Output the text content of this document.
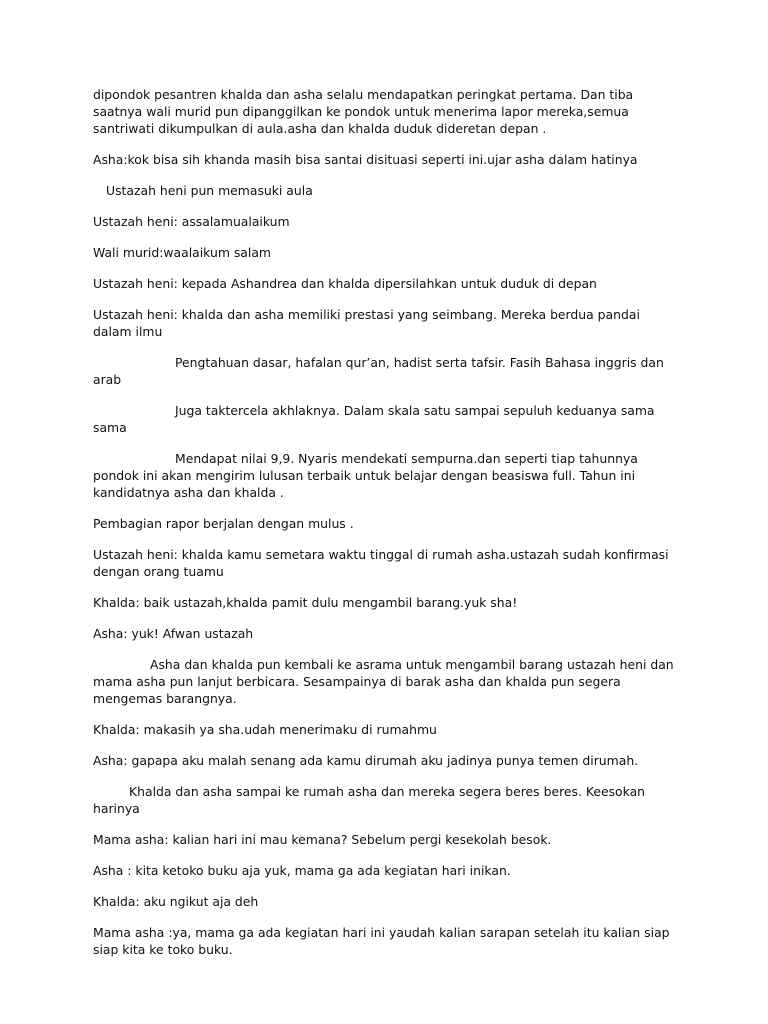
dipondok pesantren khalda dan asha selalu mendapatkan peringkat pertama. Dan tiba saatnya wali murid pun dipanggilkan ke pondok untuk menerima lapor mereka,semua santriwati dikumpulkan di aula.asha dan khalda duduk dideretan depan .

Asha:kok bisa sih khanda masih bisa santai disituasi seperti ini.ujar asha dalam hatinya

Ustazah heni pun memasuki aula

Ustazah heni: assalamualaikum

Wali murid:waalaikum salam

Ustazah heni: kepada Ashandrea dan khalda dipersilahkan untuk duduk di depan

Ustazah heni: khalda dan asha memiliki prestasi yang seimbang. Mereka berdua pandai dalam ilmu

Pengtahuan dasar, hafalan qur’an, hadist serta tafsir. Fasih Bahasa inggris dan arab

Juga taktercela akhlaknya. Dalam skala satu sampai sepuluh keduanya sama sama

Mendapat nilai 9,9. Nyaris mendekati sempurna.dan seperti tiap tahunnya pondok ini akan mengirim lulusan terbaik untuk belajar dengan beasiswa full. Tahun ini kandidatnya asha dan khalda .

Pembagian rapor berjalan dengan mulus .

Ustazah heni: khalda kamu semetara waktu tinggal di rumah asha.ustazah sudah konfirmasi dengan orang tuamu

Khalda: baik ustazah,khalda pamit dulu mengambil barang.yuk sha!

Asha: yuk! Afwan ustazah

Asha dan khalda pun kembali ke asrama untuk mengambil barang ustazah heni dan mama asha pun lanjut berbicara. Sesampainya di barak asha dan khalda pun segera mengemas barangnya.

Khalda: makasih ya sha.udah menerimaku di rumahmu

Asha: gapapa aku malah senang ada kamu dirumah aku jadinya punya temen dirumah.

Khalda dan asha sampai ke rumah asha dan mereka segera beres beres. Keesokan harinya

Mama asha: kalian hari ini mau kemana? Sebelum pergi kesekolah besok.

Asha : kita ketoko buku aja yuk, mama ga ada kegiatan hari inikan.

Khalda: aku ngikut aja deh

Mama asha :ya, mama ga ada kegiatan hari ini yaudah kalian sarapan setelah itu kalian siap siap kita ke toko buku.
